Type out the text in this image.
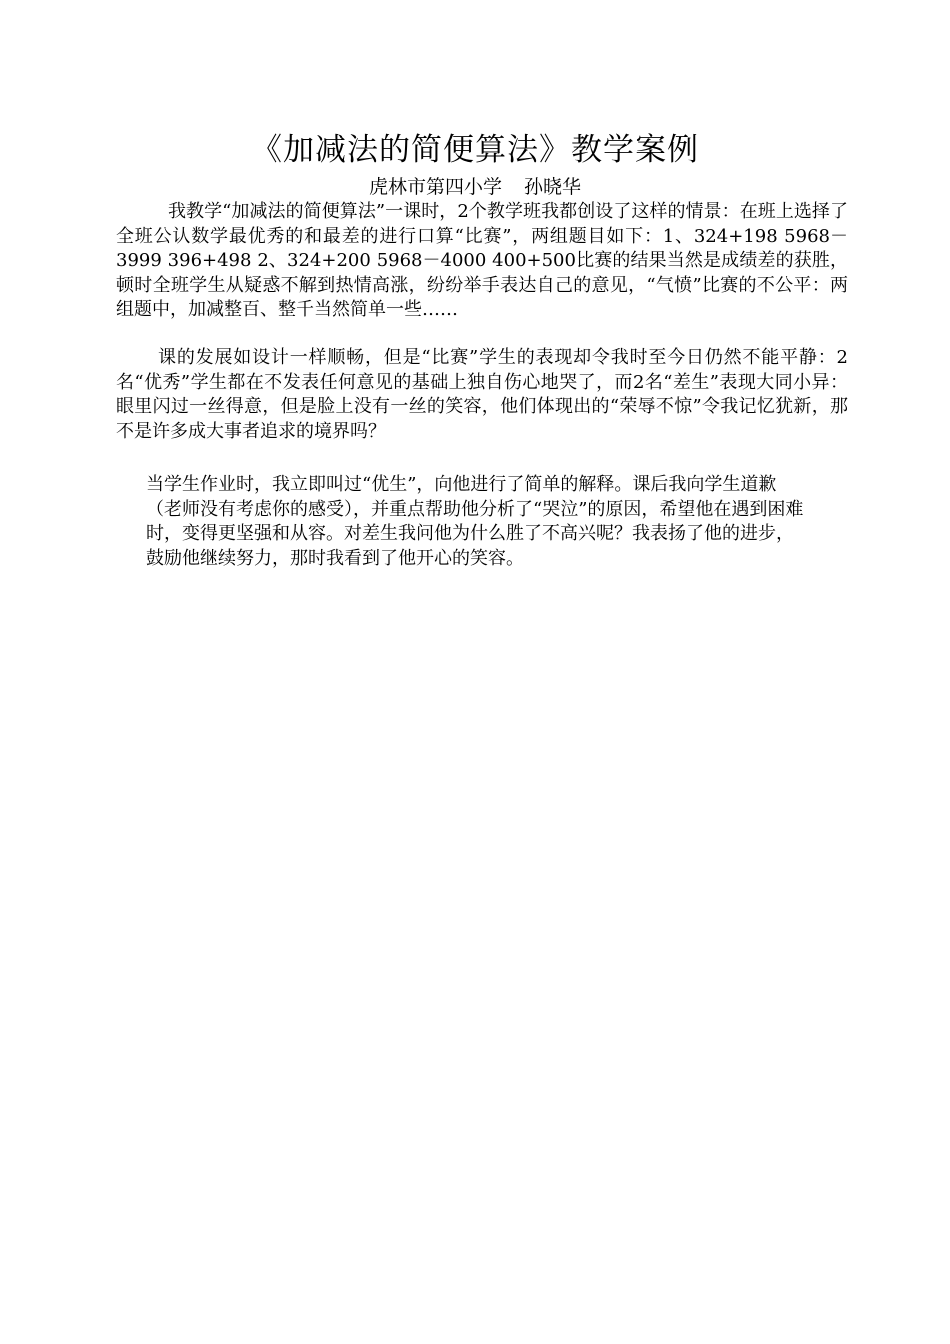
《加减法的简便算法》教学案例
虎林市第四小学 孙晓华

我教学“加减法的简便算法”一课时，2个教学班我都创设了这样的情景：在班上选择了全班公认数学最优秀的和最差的进行口算“比赛”，两组题目如下：1、324+198 5968－3999 396+498 2、324+200 5968－4000 400+500比赛的结果当然是成绩差的获胜，顿时全班学生从疑惑不解到热情高涨，纷纷举手表达自己的意见，“气愤”比赛的不公平：两组题中，加减整百、整千当然简单一些……

课的发展如设计一样顺畅，但是“比赛”学生的表现却令我时至今日仍然不能平静：2名“优秀”学生都在不发表任何意见的基础上独自伤心地哭了，而2名“差生”表现大同小异：眼里闪过一丝得意，但是脸上没有一丝的笑容，他们体现出的“荣辱不惊”令我记忆犹新，那不是许多成大事者追求的境界吗？

当学生作业时，我立即叫过“优生”，向他进行了简单的解释。课后我向学生道歉（老师没有考虑你的感受），并重点帮助他分析了“哭泣”的原因，希望他在遇到困难时，变得更坚强和从容。对差生我问他为什么胜了不高兴呢？我表扬了他的进步，鼓励他继续努力，那时我看到了他开心的笑容。
